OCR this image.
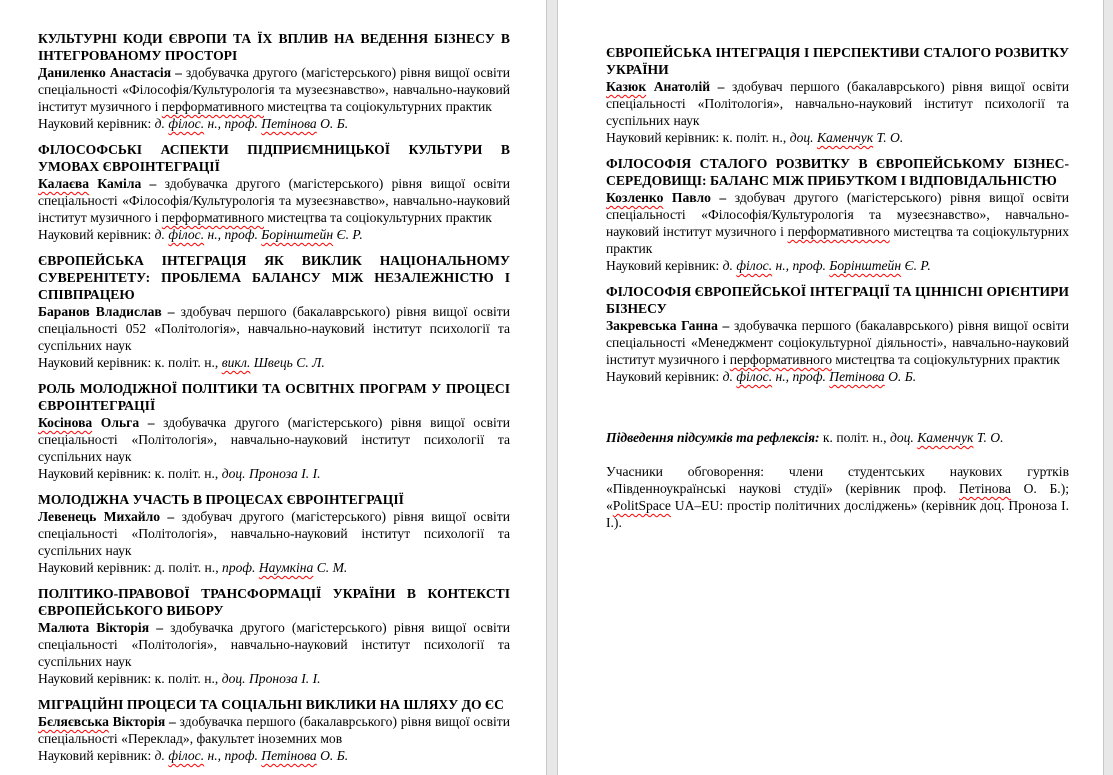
КУЛЬТУРНІ КОДИ ЄВРОПИ ТА ЇХ ВПЛИВ НА ВЕДЕННЯ БІЗНЕСУ В ІНТЕГРОВАНОМУ ПРОСТОРІ

Даниленко Анастасія – здобувачка другого (магістерського) рівня вищої освіти спеціальності «Філософія/Культурологія та музеєзнавство», навчально-науковий інститут музичного і перформативного мистецтва та соціокультурних практик

Науковий керівник: д. філос. н., проф. Петінова О. Б.

ФІЛОСОФСЬКІ АСПЕКТИ ПІДПРИЄМНИЦЬКОЇ КУЛЬТУРИ В УМОВАХ ЄВРОІНТЕГРАЦІЇ

Калаєва Каміла – здобувачка другого (магістерського) рівня вищої освіти спеціальності «Філософія/Культурологія та музеєзнавство», навчально-науковий інститут музичного і перформативного мистецтва та соціокультурних практик

Науковий керівник: д. філос. н., проф. Борінштейн Є. Р.

ЄВРОПЕЙСЬКА ІНТЕГРАЦІЯ ЯК ВИКЛИК НАЦІОНАЛЬНОМУ СУВЕРЕНІТЕТУ: ПРОБЛЕМА БАЛАНСУ МІЖ НЕЗАЛЕЖНІСТЮ І СПІВПРАЦЕЮ

Баранов Владислав – здобувач першого (бакалаврського) рівня вищої освіти спеціальності 052 «Політологія», навчально-науковий інститут психології та суспільних наук

Науковий керівник: к. політ. н., викл. Швець С. Л.

РОЛЬ МОЛОДІЖНОЇ ПОЛІТИКИ ТА ОСВІТНІХ ПРОГРАМ У ПРОЦЕСІ ЄВРОІНТЕГРАЦІЇ

Косінова Ольга – здобувачка другого (магістерського) рівня вищої освіти спеціальності «Політологія», навчально-науковий інститут психології та суспільних наук

Науковий керівник: к. політ. н., доц. Проноза І. І.

МОЛОДІЖНА УЧАСТЬ В ПРОЦЕСАХ ЄВРОІНТЕГРАЦІЇ

Левенець Михайло – здобувач другого (магістерського) рівня вищої освіти спеціальності «Політологія», навчально-науковий інститут психології та суспільних наук

Науковий керівник: д. політ. н., проф. Наумкіна С. М.

ПОЛІТИКО-ПРАВОВОЇ ТРАНСФОРМАЦІЇ УКРАЇНИ В КОНТЕКСТІ ЄВРОПЕЙСЬКОГО ВИБОРУ

Малюта Вікторія – здобувачка другого (магістерського) рівня вищої освіти спеціальності «Політологія», навчально-науковий інститут психології та суспільних наук

Науковий керівник: к. політ. н., доц. Проноза І. І.

МІГРАЦІЙНІ ПРОЦЕСИ ТА СОЦІАЛЬНІ ВИКЛИКИ НА ШЛЯХУ ДО ЄС

Бєляєвська Вікторія – здобувачка першого (бакалаврського) рівня вищої освіти спеціальності «Переклад», факультет іноземних мов

Науковий керівник: д. філос. н., проф. Петінова О. Б.

ЄВРОПЕЙСЬКА ІНТЕГРАЦІЯ І ПЕРСПЕКТИВИ СТАЛОГО РОЗВИТКУ УКРАЇНИ

Казюк Анатолій – здобувач першого (бакалаврського) рівня вищої освіти спеціальності «Політологія», навчально-науковий інститут психології та суспільних наук

Науковий керівник: к. політ. н., доц. Каменчук Т. О.

ФІЛОСОФІЯ СТАЛОГО РОЗВИТКУ В ЄВРОПЕЙСЬКОМУ БІЗНЕС-СЕРЕДОВИЩІ: БАЛАНС МІЖ ПРИБУТКОМ І ВІДПОВІДАЛЬНІСТЮ

Козленко Павло – здобувач другого (магістерського) рівня вищої освіти спеціальності «Філософія/Культурологія та музеєзнавство», навчально-науковий інститут музичного і перформативного мистецтва та соціокультурних практик

Науковий керівник: д. філос. н., проф. Борінштейн Є. Р.

ФІЛОСОФІЯ ЄВРОПЕЙСЬКОЇ ІНТЕГРАЦІЇ ТА ЦІННІСНІ ОРІЄНТИРИ БІЗНЕСУ

Закревська Ганна – здобувачка першого (бакалаврського) рівня вищої освіти спеціальності «Менеджмент соціокультурної діяльності», навчально-науковий інститут музичного і перформативного мистецтва та соціокультурних практик

Науковий керівник: д. філос. н., проф. Петінова О. Б.

Підведення підсумків та рефлексія: к. політ. н., доц. Каменчук Т. О.

Учасники обговорення: члени студентських наукових гуртків «Південноукраїнські наукові студії» (керівник проф. Петінова О. Б.); «PolitSpace UA–EU: простір політичних досліджень» (керівник доц. Проноза І. І.).
